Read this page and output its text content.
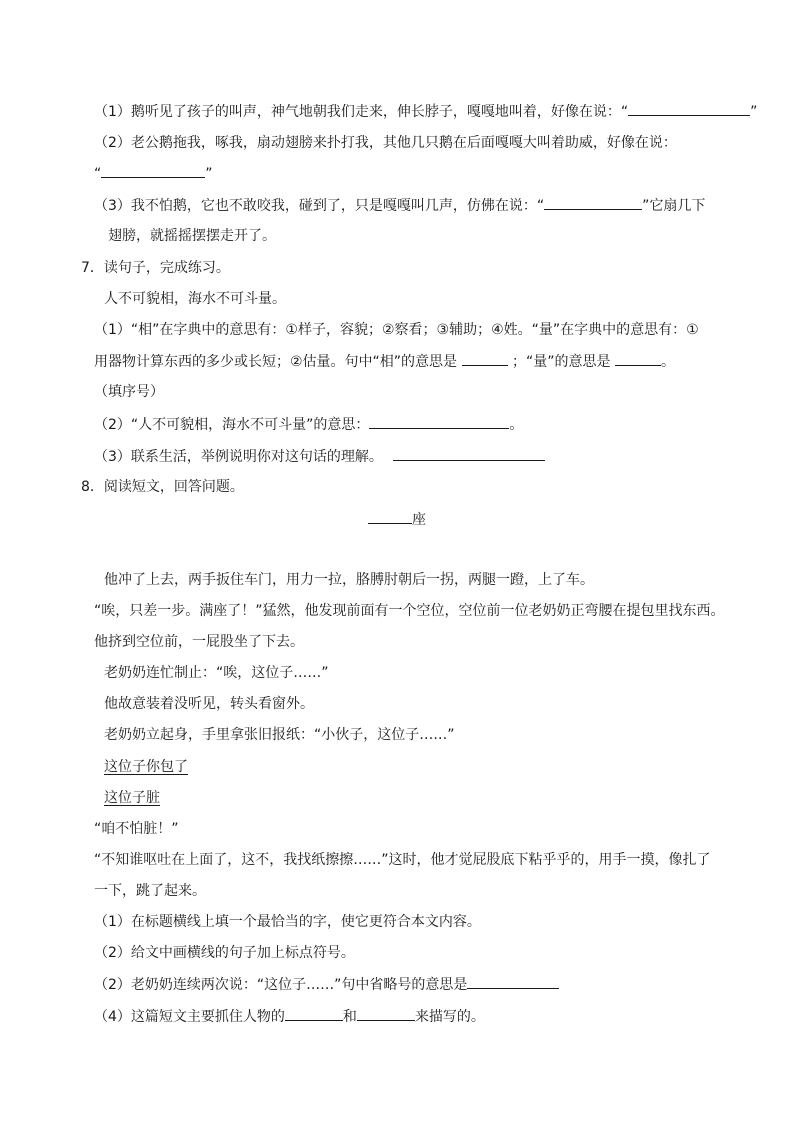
（1）鹅听见了孩子的叫声，神气地朝我们走来，伸长脖子，嘎嘎地叫着，好像在说：“	”
（2）老公鹅拖我，啄我，扇动翅膀来扑打我，其他几只鹅在后面嘎嘎大叫着助威，好像在说：
“	”
（3）我不怕鹅，它也不敢咬我，碰到了，只是嘎嘎叫几声，仿佛在说：“	”它扇几下
翅膀，就摇摇摆摆走开了。
7．读句子，完成练习。
人不可貌相，海水不可斗量。
（1）“相”在字典中的意思有：①样子，容貌；②察看；③辅助；④姓。“量”在字典中的意思有：①
用器物计算东西的多少或长短；②估量。句中“相”的意思是	；“量”的意思是	。
（填序号）
（2）“人不可貌相，海水不可斗量”的意思：	。
（3）联系生活，举例说明你对这句话的理解。
8．阅读短文，回答问题。
座
他冲了上去，两手扳住车门，用力一拉，胳膊肘朝后一拐，两腿一蹬，上了车。
“唉，只差一步。满座了！”猛然，他发现前面有一个空位，空位前一位老奶奶正弯腰在提包里找东西。
他挤到空位前，一屁股坐了下去。
老奶奶连忙制止：“唉，这位子……”
他故意装着没听见，转头看窗外。
老奶奶立起身，手里拿张旧报纸：“小伙子，这位子……”
这位子你包了
这位子脏
“咱不怕脏！”
“不知谁呕吐在上面了，这不，我找纸擦擦……”这时，他才觉屁股底下粘乎乎的，用手一摸，像扎了
一下，跳了起来。
（1）在标题横线上填一个最恰当的字，使它更符合本文内容。
（2）给文中画横线的句子加上标点符号。
（2）老奶奶连续两次说：“这位子……”句中省略号的意思是
（4）这篇短文主要抓住人物的	和	来描写的。
